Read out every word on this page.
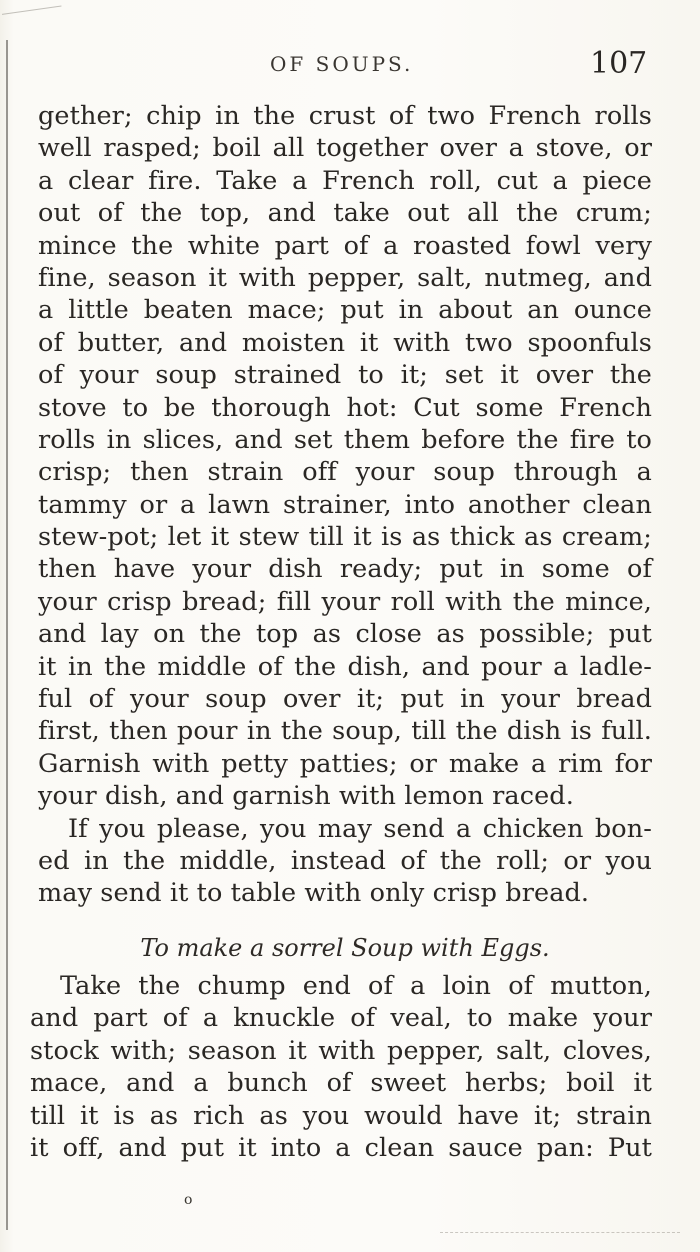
OF SOUPS.	107
gether; chip in the crust of two French rolls
well rasped; boil all together over a stove, or
a clear fire. Take a French roll, cut a piece
out of the top, and take out all the crum;
mince the white part of a roasted fowl very
fine, season it with pepper, salt, nutmeg, and
a little beaten mace; put in about an ounce
of butter, and moisten it with two spoonfuls
of your soup strained to it; set it over the
stove to be thorough hot: Cut some French
rolls in slices, and set them before the fire to
crisp; then strain off your soup through a
tammy or a lawn strainer, into another clean
stew-pot; let it stew till it is as thick as cream;
then have your dish ready; put in some of
your crisp bread; fill your roll with the mince,
and lay on the top as close as possible; put
it in the middle of the dish, and pour a ladle-
ful of your soup over it; put in your bread
first, then pour in the soup, till the dish is full.
Garnish with petty patties; or make a rim for
your dish, and garnish with lemon raced.
If you please, you may send a chicken bon-
ed in the middle, instead of the roll; or you
may send it to table with only crisp bread.
To make a sorrel Soup with Eggs.
Take the chump end of a loin of mutton,
and part of a knuckle of veal, to make your
stock with; season it with pepper, salt, cloves,
mace, and a bunch of sweet herbs; boil it
till it is as rich as you would have it; strain
it off, and put it into a clean sauce pan: Put
o
